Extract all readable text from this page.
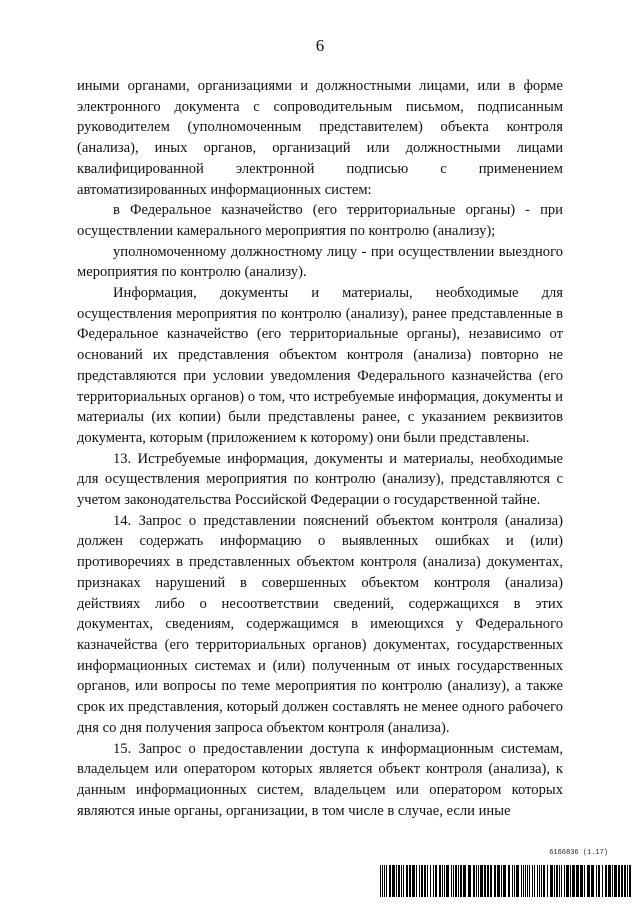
6

иными органами, организациями и должностными лицами, или в форме электронного документа с сопроводительным письмом, подписанным руководителем (уполномоченным представителем) объекта контроля (анализа), иных органов, организаций или должностными лицами квалифицированной электронной подписью с применением автоматизированных информационных систем:

в Федеральное казначейство (его территориальные органы) - при осуществлении камерального мероприятия по контролю (анализу);

уполномоченному должностному лицу - при осуществлении выездного мероприятия по контролю (анализу).

Информация, документы и материалы, необходимые для осуществления мероприятия по контролю (анализу), ранее представленные в Федеральное казначейство (его территориальные органы), независимо от оснований их представления объектом контроля (анализа) повторно не представляются при условии уведомления Федерального казначейства (его территориальных органов) о том, что истребуемые информация, документы и материалы (их копии) были представлены ранее, с указанием реквизитов документа, которым (приложением к которому) они были представлены.

13. Истребуемые информация, документы и материалы, необходимые для осуществления мероприятия по контролю (анализу), представляются с учетом законодательства Российской Федерации о государственной тайне.

14. Запрос о представлении пояснений объектом контроля (анализа) должен содержать информацию о выявленных ошибках и (или) противоречиях в представленных объектом контроля (анализа) документах, признаках нарушений в совершенных объектом контроля (анализа) действиях либо о несоответствии сведений, содержащихся в этих документах, сведениям, содержащимся в имеющихся у Федерального казначейства (его территориальных органов) документах, государственных информационных системах и (или) полученным от иных государственных органов, или вопросы по теме мероприятия по контролю (анализу), а также срок их представления, который должен составлять не менее одного рабочего дня со дня получения запроса объектом контроля (анализа).

15. Запрос о предоставлении доступа к информационным системам, владельцем или оператором которых является объект контроля (анализа), к данным информационных систем, владельцем или оператором которых являются иные органы, организации, в том числе в случае, если иные

6166836 (1.17)
